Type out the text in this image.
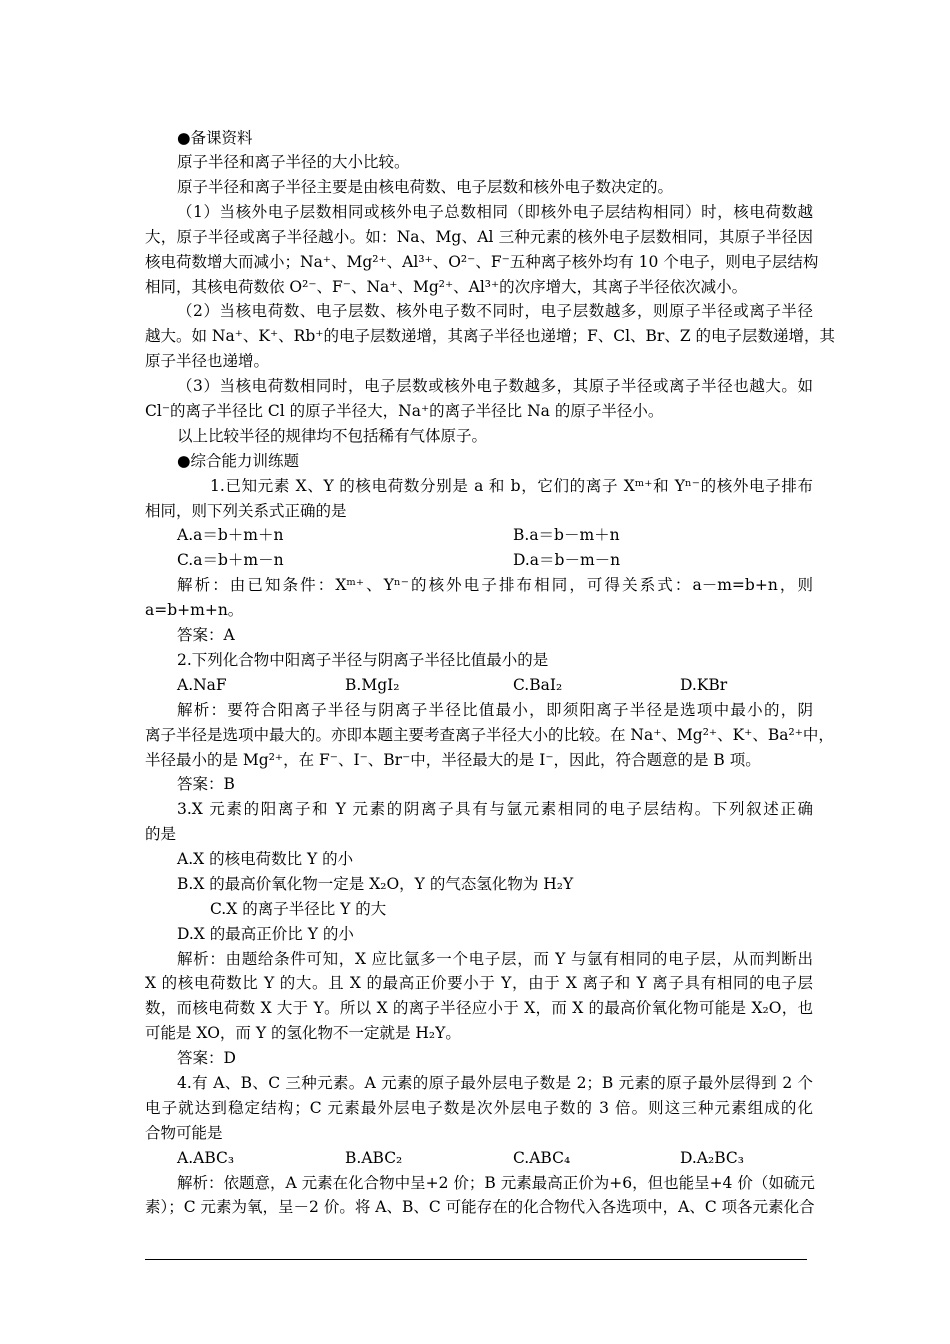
●备课资料
原子半径和离子半径的大小比较。
原子半径和离子半径主要是由核电荷数、电子层数和核外电子数决定的。
（1）当核外电子层数相同或核外电子总数相同（即核外电子层结构相同）时，核电荷数越
大，原子半径或离子半径越小。如：Na、Mg、Al 三种元素的核外电子层数相同，其原子半径因
核电荷数增大而减小；Na⁺、Mg²⁺、Al³⁺、O²⁻、F⁻五种离子核外均有 10 个电子，则电子层结构
相同，其核电荷数依 O²⁻、F⁻、Na⁺、Mg²⁺、Al³⁺的次序增大，其离子半径依次减小。
（2）当核电荷数、电子层数、核外电子数不同时，电子层数越多，则原子半径或离子半径
越大。如 Na⁺、K⁺、Rb⁺的电子层数递增，其离子半径也递增；F、Cl、Br、Z 的电子层数递增，其
原子半径也递增。
（3）当核电荷数相同时，电子层数或核外电子数越多，其原子半径或离子半径也越大。如
Cl⁻的离子半径比 Cl 的原子半径大，Na⁺的离子半径比 Na 的原子半径小。
以上比较半径的规律均不包括稀有气体原子。
●综合能力训练题
1.已知元素 X、Y 的核电荷数分别是 a 和 b，它们的离子 Xᵐ⁺和 Yⁿ⁻的核外电子排布
相同，则下列关系式正确的是
A.a＝b＋m＋n	B.a＝b－m＋n
C.a＝b＋m－n	D.a＝b－m－n
解析：由已知条件：Xᵐ⁺、Yⁿ⁻的核外电子排布相同，可得关系式：a－m=b+n，则
a=b+m+n。
答案：A
2.下列化合物中阳离子半径与阴离子半径比值最小的是
A.NaF	B.MgI₂	C.BaI₂	D.KBr
解析：要符合阳离子半径与阴离子半径比值最小，即须阳离子半径是选项中最小的，阴
离子半径是选项中最大的。亦即本题主要考查离子半径大小的比较。在 Na⁺、Mg²⁺、K⁺、Ba²⁺中，
半径最小的是 Mg²⁺，在 F⁻、I⁻、Br⁻中，半径最大的是 I⁻，因此，符合题意的是 B 项。
答案：B
3.X 元素的阳离子和 Y 元素的阴离子具有与氩元素相同的电子层结构。下列叙述正确
的是
A.X 的核电荷数比 Y 的小
B.X 的最高价氧化物一定是 X₂O，Y 的气态氢化物为 H₂Y
C.X 的离子半径比 Y 的大
D.X 的最高正价比 Y 的小
解析：由题给条件可知，X 应比氩多一个电子层，而 Y 与氩有相同的电子层，从而判断出
X 的核电荷数比 Y 的大。且 X 的最高正价要小于 Y，由于 X 离子和 Y 离子具有相同的电子层
数，而核电荷数 X 大于 Y。所以 X 的离子半径应小于 X，而 X 的最高价氧化物可能是 X₂O，也
可能是 XO，而 Y 的氢化物不一定就是 H₂Y。
答案：D
4.有 A、B、C 三种元素。A 元素的原子最外层电子数是 2；B 元素的原子最外层得到 2 个
电子就达到稳定结构；C 元素最外层电子数是次外层电子数的 3 倍。则这三种元素组成的化
合物可能是
A.ABC₃	B.ABC₂	C.ABC₄	D.A₂BC₃
解析：依题意，A 元素在化合物中呈+2 价；B 元素最高正价为+6，但也能呈+4 价（如硫元
素）；C 元素为氧，呈－2 价。将 A、B、C 可能存在的化合物代入各选项中，A、C 项各元素化合
